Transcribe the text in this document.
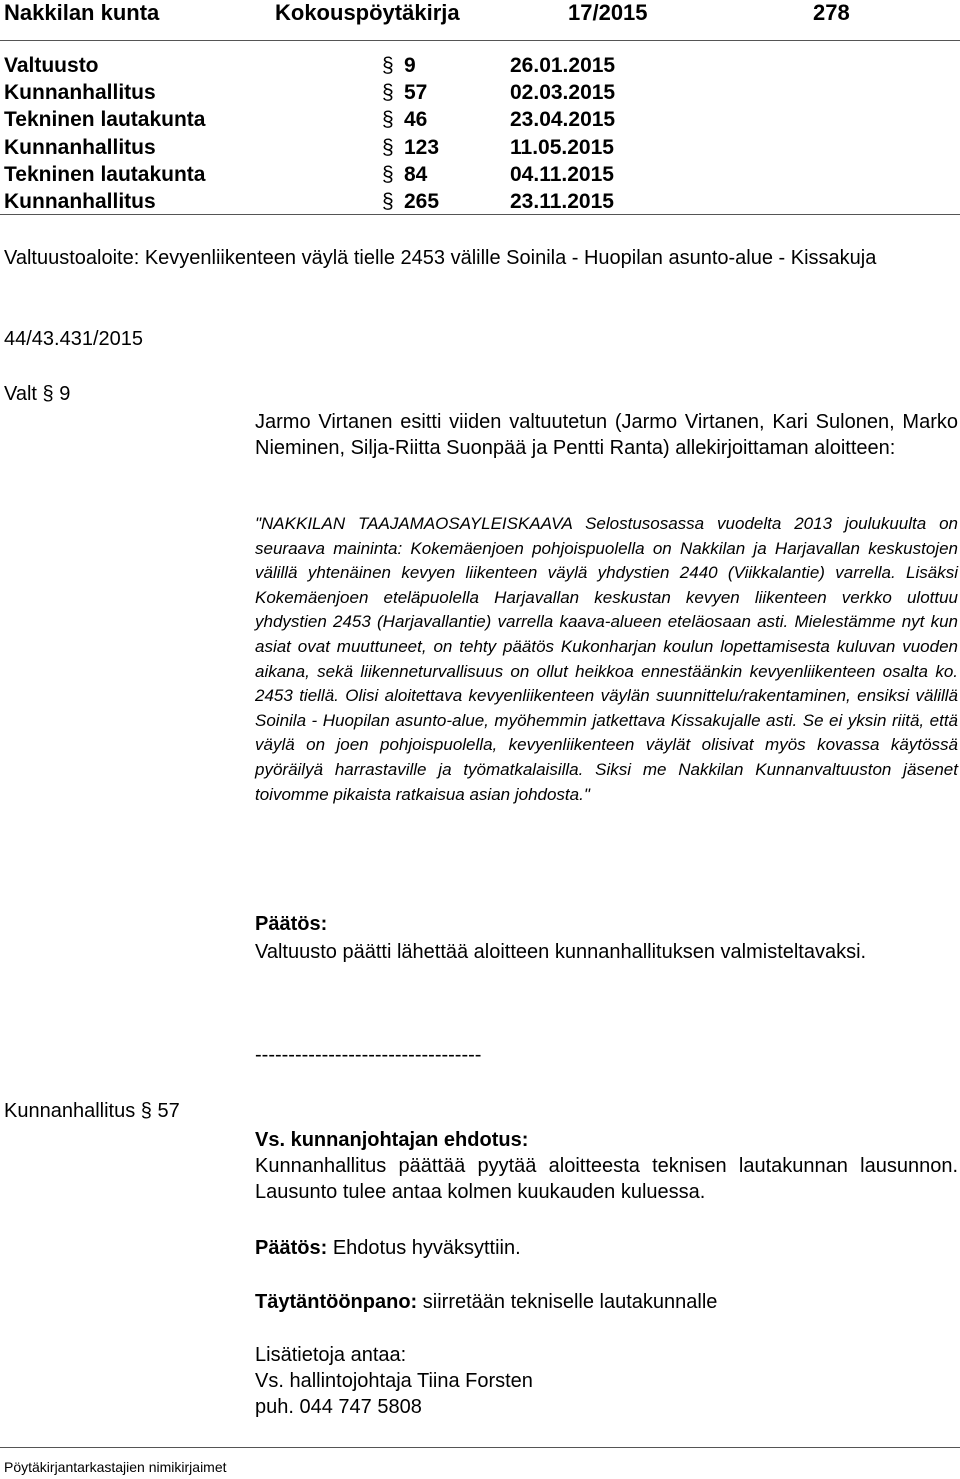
Nakkilan kunta	Kokouspöytäkirja	17/2015	278
Valtuusto	§ 9	26.01.2015
Kunnanhallitus	§ 57	02.03.2015
Tekninen lautakunta	§ 46	23.04.2015
Kunnanhallitus	§ 123	11.05.2015
Tekninen lautakunta	§ 84	04.11.2015
Kunnanhallitus	§ 265	23.11.2015
Valtuustoaloite: Kevyenliikenteen väylä tielle 2453 välille Soinila - Huopilan asunto-alue - Kissakuja
44/43.431/2015
Valt § 9
Jarmo Virtanen esitti viiden valtuutetun (Jarmo Virtanen, Kari Sulonen, Marko Nieminen, Silja-Riitta Suonpää ja Pentti Ranta) allekirjoittaman aloitteen:
"NAKKILAN TAAJAMAOSAYLEISKAAVA Selostusosassa vuodelta 2013 joulukuulta on seuraava maininta: Kokemäenjoen pohjoispuolella on Nakkilan ja Harjavallan keskustojen välillä yhtenäinen kevyen liikenteen väylä yhdystien 2440 (Viikkalantie) varrella. Lisäksi Kokemäenjoen eteläpuolella Harjavallan keskustan kevyen liikenteen verkko ulottuu yhdystien 2453 (Harjavallantie) varrella kaava-alueen eteläosaan asti. Mielestämme nyt kun asiat ovat muuttuneet, on tehty päätös Kukonharjan koulun lopettamisesta kuluvan vuoden aikana, sekä liikenneturvallisuus on ollut heikkoa ennestäänkin kevyenliikenteen osalta ko. 2453 tiellä. Olisi aloitettava kevyenliikenteen väylän suunnittelu/rakentaminen, ensiksi välillä Soinila - Huopilan asunto-alue, myöhemmin jatkettava Kissakujalle asti. Se ei yksin riitä, että väylä on joen pohjoispuolella, kevyenliikenteen väylät olisivat myös kovassa käytössä pyöräilyä harrastaville ja työmatkalaisilla. Siksi me Nakkilan Kunnanvaltuuston jäsenet toivomme pikaista ratkaisua asian johdosta."
Päätös:
Valtuusto päätti lähettää aloitteen kunnanhallituksen valmisteltavaksi.
----------------------------------
Kunnanhallitus § 57
Vs. kunnanjohtajan ehdotus:
Kunnanhallitus päättää pyytää aloitteesta teknisen lautakunnan lausunnon. Lausunto tulee antaa kolmen kuukauden kuluessa.
Päätös: Ehdotus hyväksyttiin.
Täytäntöönpano: siirretään tekniselle lautakunnalle
Lisätietoja antaa:
Vs. hallintojohtaja Tiina Forsten
puh. 044 747 5808
Pöytäkirjantarkastajien nimikirjaimet
